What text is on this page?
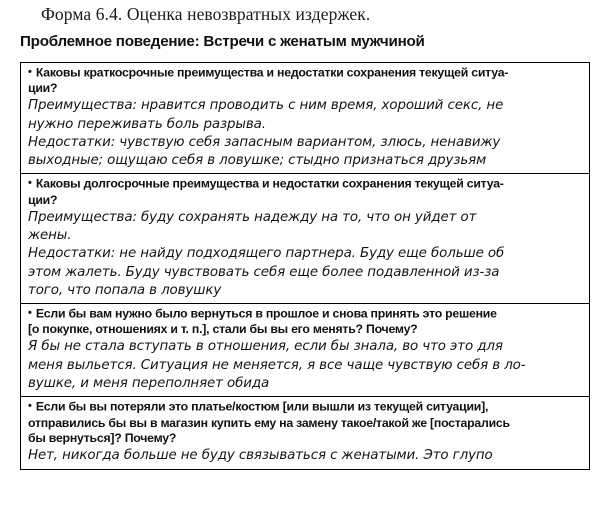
Форма 6.4. Оценка невозвратных издержек.
Проблемное поведение: Встречи с женатым мужчиной

• Каковы краткосрочные преимущества и недостатки сохранения текущей ситуа-
ции?

Преимущества: нравится проводить с ним время, хороший секс, не
нужно переживать боль разрыва.
Недостатки: чувствую себя запасным вариантом, злюсь, ненавижу
выходные; ощущаю себя в ловушке; стыдно признаться друзьям

• Каковы долгосрочные преимущества и недостатки сохранения текущей ситуа-
ции?

Преимущества: буду сохранять надежду на то, что он уйдет от
жены.
Недостатки: не найду подходящего партнера. Буду еще больше об
этом жалеть. Буду чувствовать себя еще более подавленной из-за
того, что попала в ловушку

• Если бы вам нужно было вернуться в прошлое и снова принять это решение
[о покупке, отношениях и т. п.], стали бы вы его менять? Почему?

Я бы не стала вступать в отношения, если бы знала, во что это для
меня выльется. Ситуация не меняется, я все чаще чувствую себя в ло-
вушке, и меня переполняет обида

• Если бы вы потеряли это платье/костюм [или вышли из текущей ситуации],
отправились бы вы в магазин купить ему на замену такое/такой же [постарались
бы вернуться]? Почему?

Нет, никогда больше не буду связываться с женатыми. Это глупо
